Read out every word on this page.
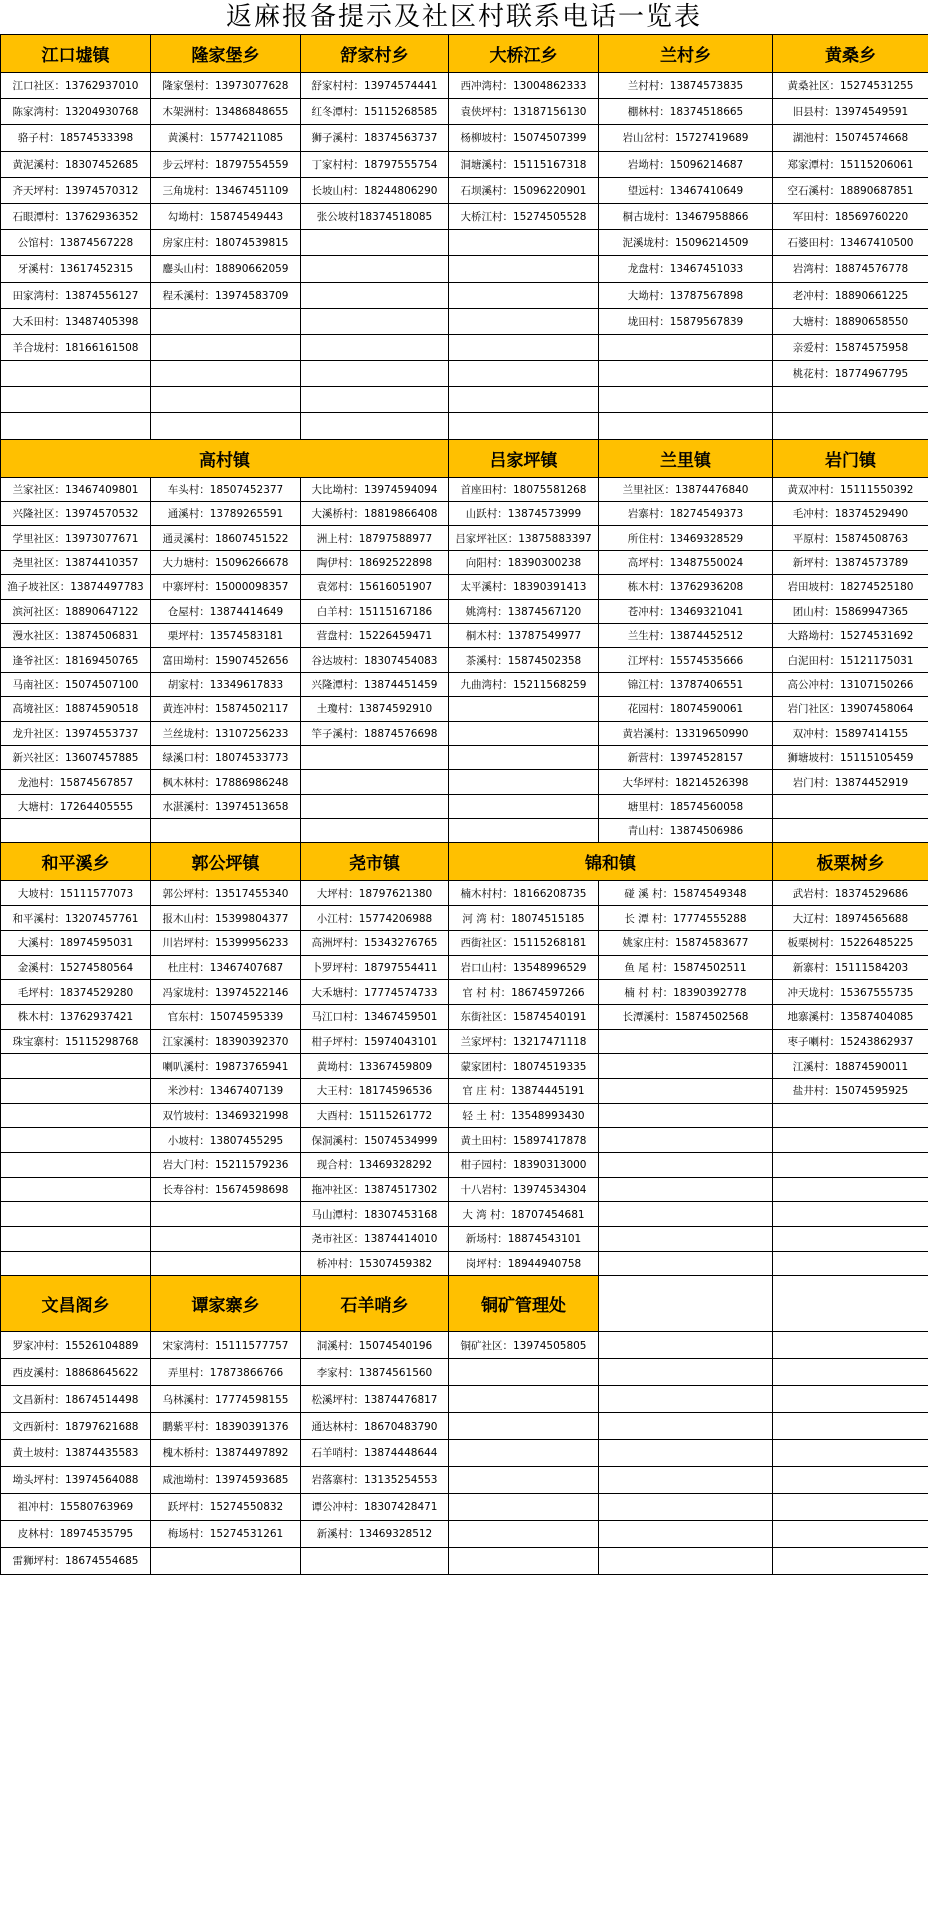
返麻报备提示及社区村联系电话一览表
江口墟镇	隆家堡乡	舒家村乡	大桥江乡	兰村乡	黄桑乡
江口社区：13762937010	隆家堡村：13973077628	舒家村村：13974574441	西冲湾村：13004862333	兰村村：13874573835	黄桑社区：15274531255
陈家湾村：13204930768	木架洲村：13486848655	红冬潭村：15115268585	袁侠坪村：13187156130	棚林村：18374518665	旧县村：13974549591
骆子村：18574533398	黄溪村：15774211085	狮子溪村：18374563737	杨柳坡村：15074507399	岩山岔村：15727419689	湖池村：15074574668
黄泥溪村：18307452685	步云坪村：18797554559	丁家村村：18797555754	洞塘溪村：15115167318	岩坳村：15096214687	郑家潭村：15115206061
齐天坪村：13974570312	三角垅村：13467451109	长坡山村：18244806290	石坝溪村：15096220901	望远村：13467410649	空石溪村：18890687851
石眼潭村：13762936352	勾坳村：15874549443	张公坡村18374518085	大桥江村：15274505528	桐古垅村：13467958866	军田村：18569760220
公馆村：13874567228	房家庄村：18074539815			泥溪垅村：15096214509	石婆田村：13467410500
牙溪村：13617452315	鏖头山村：18890662059			龙盘村：13467451033	岩湾村：18874576778
田家湾村：13874556127	程禾溪村：13974583709			大坳村：13787567898	老冲村：18890661225
大禾田村：13487405398				垅田村：15879567839	大塘村：18890658550
羊合垅村：18166161508					亲爱村：15874575958
					桃花村：18774967795

高村镇			吕家坪镇	兰里镇	岩门镇
兰家社区：13467409801	车头村：18507452377	大比坳村：13974594094	首座田村：18075581268	兰里社区：13874476840	黄双冲村：15111550392
兴隆社区：13974570532	通溪村：13789265591	大溪桥村：18819866408	山跃村：13874573999	岩寨村：18274549373	毛冲村：18374529490
学里社区：13973077671	通灵溪村：18607451522	洲上村：18797588977	吕家坪社区：13875883397	所住村：13469328529	平原村：15874508763
尧里社区：13874410357	大力塘村：15096266678	陶伊村：18692522898	向阳村：18390300238	高坪村：13487550024	新坪村：13874573789
渔子坡社区：13874497783	中寨坪村：15000098357	袁郊村：15616051907	太平溪村：18390391413	栋木村：13762936208	岩田坡村：18274525180
滨河社区：18890647122	仓屋村：13874414649	白羊村：15115167186	姚湾村：13874567120	苍冲村：13469321041	团山村：15869947365
漫水社区：13874506831	栗坪村：13574583181	营盘村：15226459471	桐木村：13787549977	兰生村：13874452512	大路坳村：15274531692
逢爷社区：18169450765	富田坳村：15907452656	谷达坡村：18307454083	茶溪村：15874502358	江坪村：15574535666	白泥田村：15121175031
马南社区：15074507100	胡家村：13349617833	兴隆潭村：13874451459	九曲湾村：15211568259	锦江村：13787406551	高公冲村：13107150266
高境社区：18874590518	黄连冲村：15874502117	土瓊村：13874592910		花园村：18074590061	岩门社区：13907458064
龙升社区：13974553737	兰丝垅村：13107256233	竿子溪村：18874576698		黄岩溪村：13319650990	双冲村：15897414155
新兴社区：13607457885	绿溪口村：18074533773			新营村：13974528157	狮塘坡村：15115105459
龙池村：15874567857	枫木林村：17886986248			大华坪村：18214526398	岩门村：13874452919
大塘村：17264405555	水湛溪村：13974513658			塘里村：18574560058	
				青山村：13874506986	
和平溪乡	郭公坪镇	尧市镇	锦和镇		板栗树乡
大坡村：15111577073	郭公坪村：13517455340	大坪村：18797621380	楠木村村：18166208735	碰 溪 村：15874549348	武岩村：18374529686
和平溪村：13207457761	报木山村：15399804377	小江村：15774206988	河 湾 村：18074515185	长 潭 村：17774555288	大辽村：18974565688
大溪村：18974595031	川岩坪村：15399956233	高洲坪村：15343276765	西街社区：15115268181	姚家庄村：15874583677	板栗树村：15226485225
金溪村：15274580564	杜庄村：13467407687	卜罗坪村：18797554411	岩口山村：13548996529	鱼 尾 村：15874502511	新寨村：15111584203
毛坪村：18374529280	冯家垅村：13974522146	大禾塘村：17774574733	官 村 村：18674597266	楠 村 村：18390392778	冲天垅村：15367555735
株木村：13762937421	官东村：15074595339	马江口村：13467459501	东街社区：15874540191	长潭溪村：15874502568	地寨溪村：13587404085
珠宝寨村：15115298768	江家溪村：18390392370	柑子坪村：15974043101	兰家坪村：13217471118		枣子喇村：15243862937
	喇叭溪村：19873765941	黄坳村：13367459809	蒙家团村：18074519335		江溪村：18874590011
	米沙村：13467407139	大王村：18174596536	官 庄 村：13874445191		盐井村：15074595925
	双竹坡村：13469321998	大酉村：15115261772	轻 土 村：13548993430		
	小坡村：13807455295	保洞溪村：15074534999	黄土田村：15897417878		
	岩大门村：15211579236	现合村：13469328292	柑子园村：18390313000		
	长寿谷村：15674598698	拖冲社区：13874517302	十八岩村：13974534304		
		马山潭村：18307453168	大 湾 村：18707454681		
		尧市社区：13874414010	新场村：18874543101		
		桥冲村：15307459382	岗坪村：18944940758		
文昌阁乡	谭家寨乡	石羊哨乡	铜矿管理处		
罗家冲村：15526104889	宋家湾村：15111577757	洞溪村：15074540196	铜矿社区：13974505805		
西皮溪村：18868645622	弄里村：17873866766	李家村：13874561560			
文昌新村：18674514498	乌林溪村：17774598155	松溪坪村：13874476817			
文西新村：18797621688	鹏紫平村：18390391376	通达林村：18670483790			
黄土坡村：13874435583	槐木桥村：13874497892	石羊哨村：13874448644			
坳头坪村：13974564088	咸池坳村：13974593685	岩落寨村：13135254553			
祖冲村：15580763969	跃坪村：15274550832	谭公冲村：18307428471			
皮林村：18974535795	梅场村：15274531261	新溪村：13469328512			
雷狮坪村：18674554685					
